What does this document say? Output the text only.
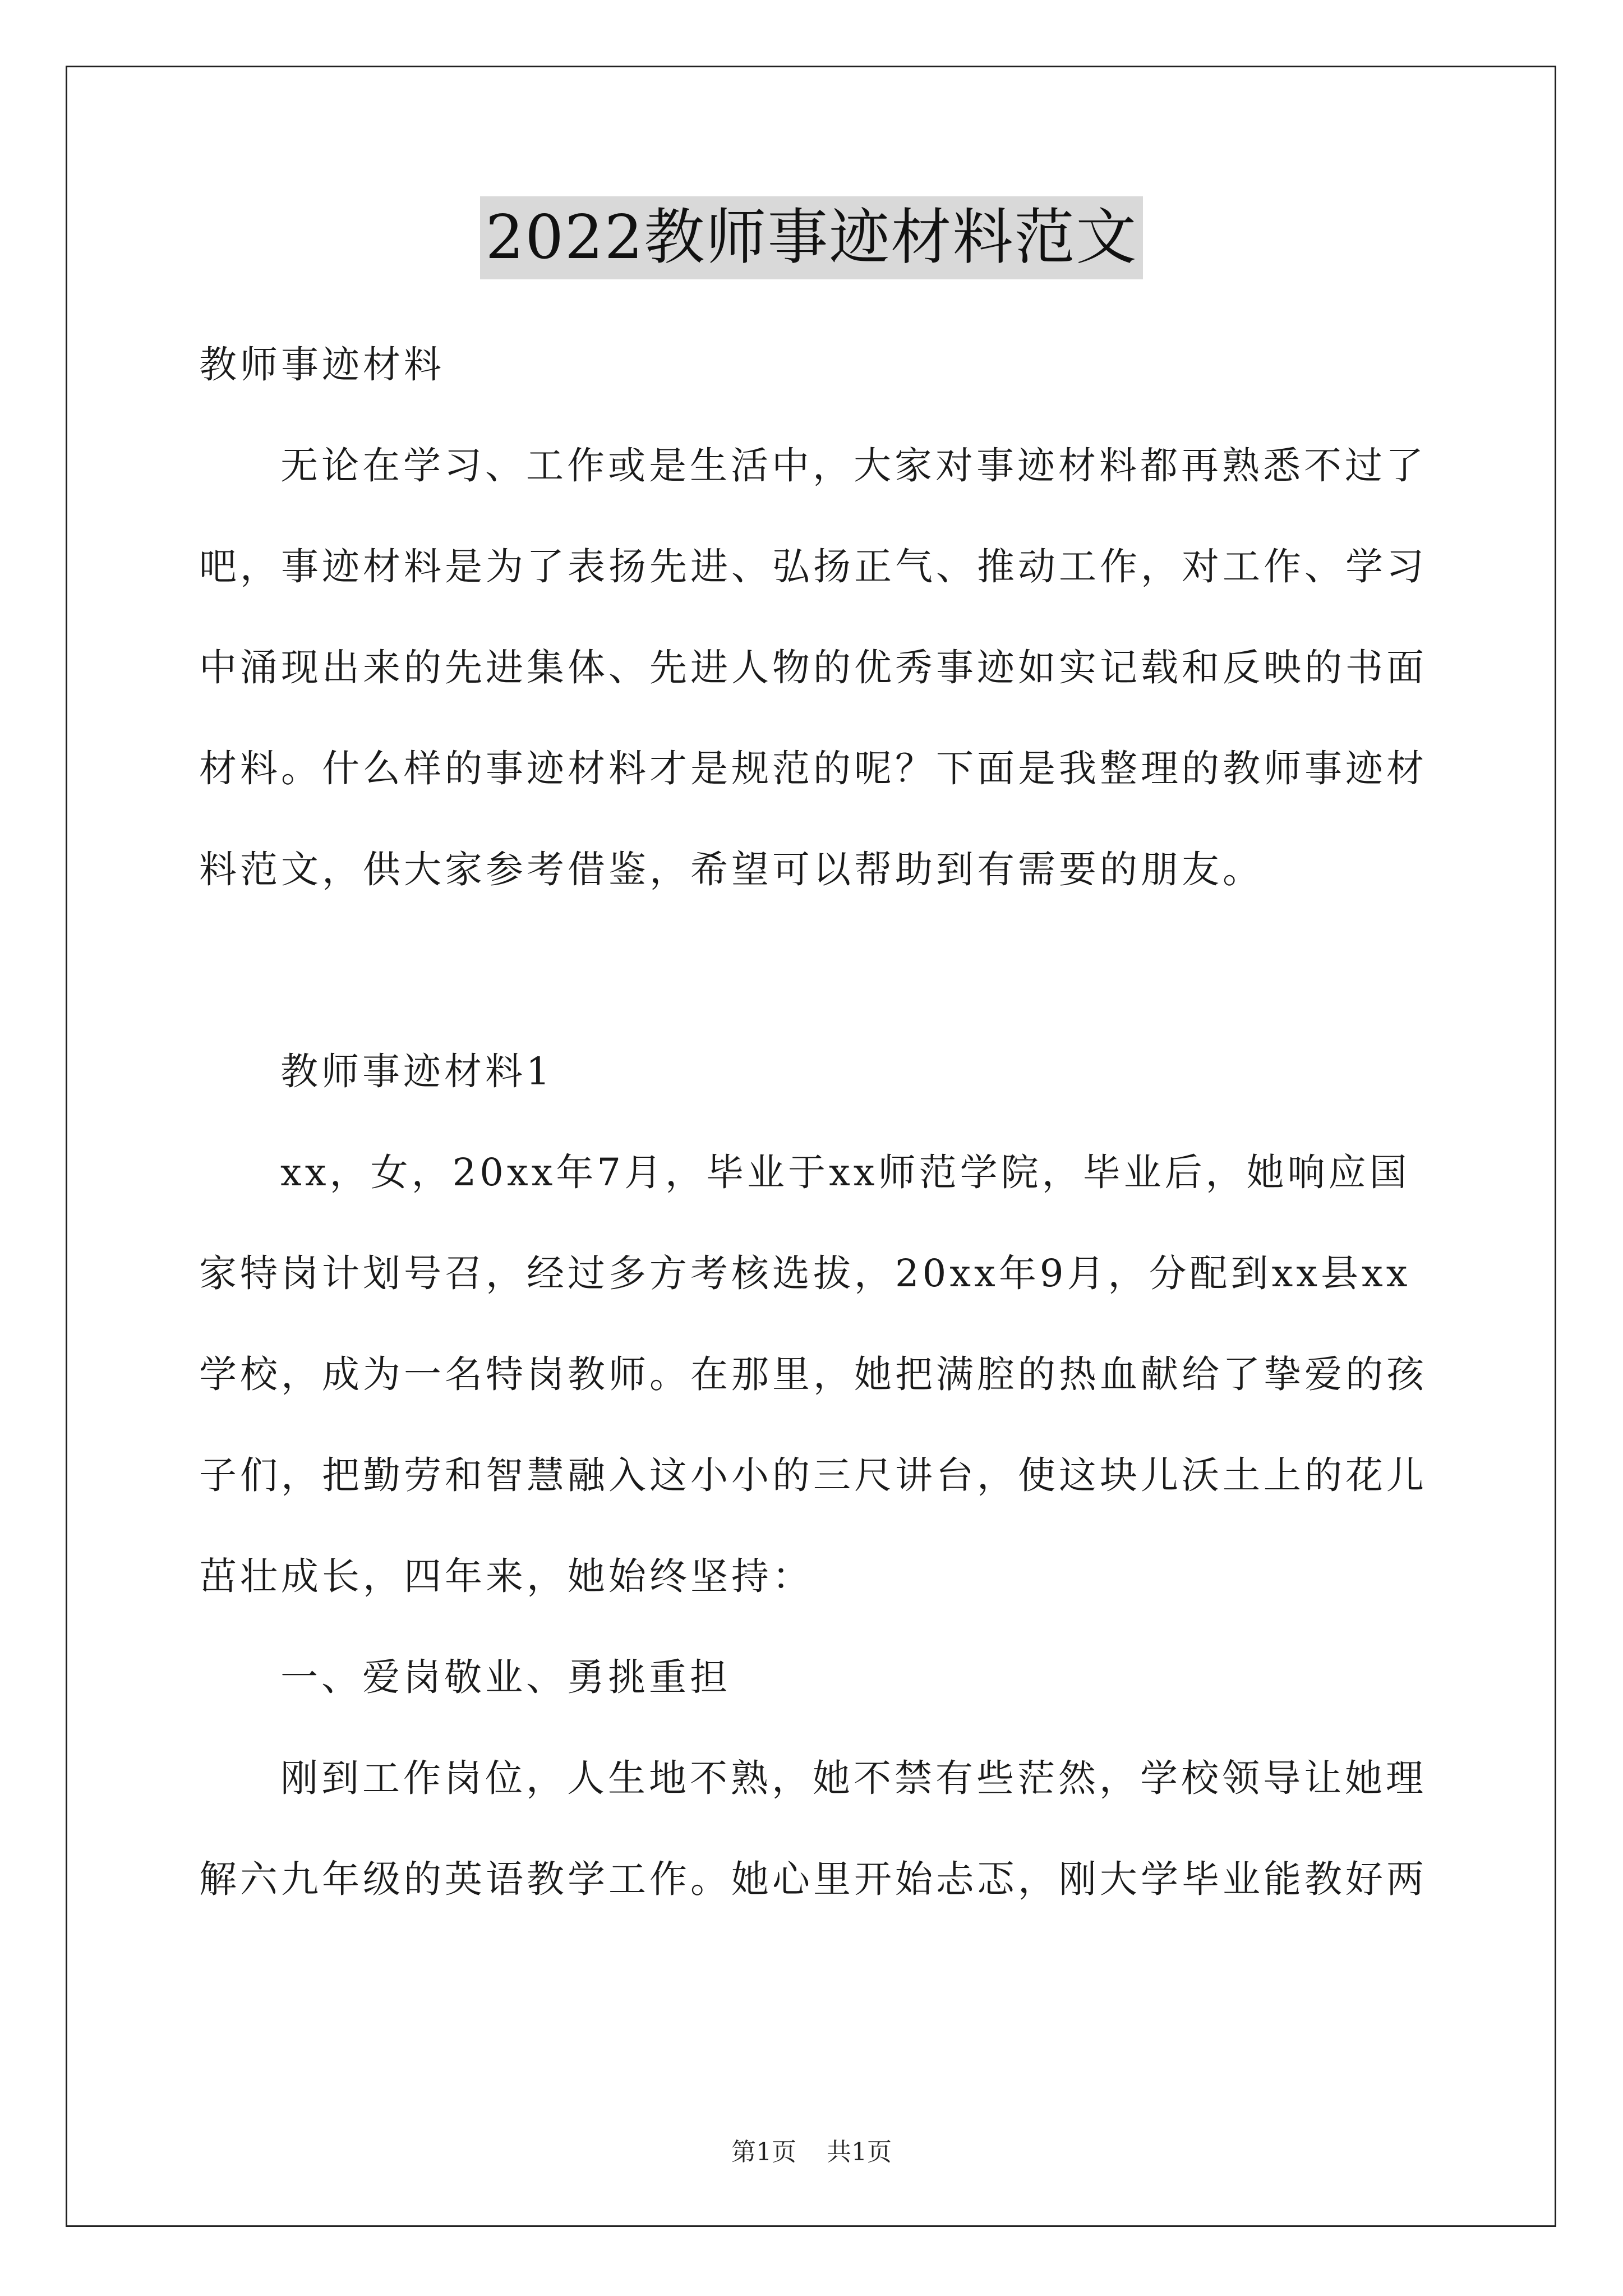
2022教师事迹材料范文
教师事迹材料
无论在学习、工作或是生活中，大家对事迹材料都再熟悉不过了
吧，事迹材料是为了表扬先进、弘扬正气、推动工作，对工作、学习
中涌现出来的先进集体、先进人物的优秀事迹如实记载和反映的书面
材料。什么样的事迹材料才是规范的呢？下面是我整理的教师事迹材
料范文，供大家参考借鉴，希望可以帮助到有需要的朋友。
教师事迹材料1
xx，女，20xx年7月，毕业于xx师范学院，毕业后，她响应国
家特岗计划号召，经过多方考核选拔，20xx年9月，分配到xx县xx
学校，成为一名特岗教师。在那里，她把满腔的热血献给了挚爱的孩
子们，把勤劳和智慧融入这小小的三尺讲台，使这块儿沃土上的花儿
茁壮成长，四年来，她始终坚持：
一、爱岗敬业、勇挑重担
刚到工作岗位，人生地不熟，她不禁有些茫然，学校领导让她理
解六九年级的英语教学工作。她心里开始忐忑，刚大学毕业能教好两
第1页 共1页
